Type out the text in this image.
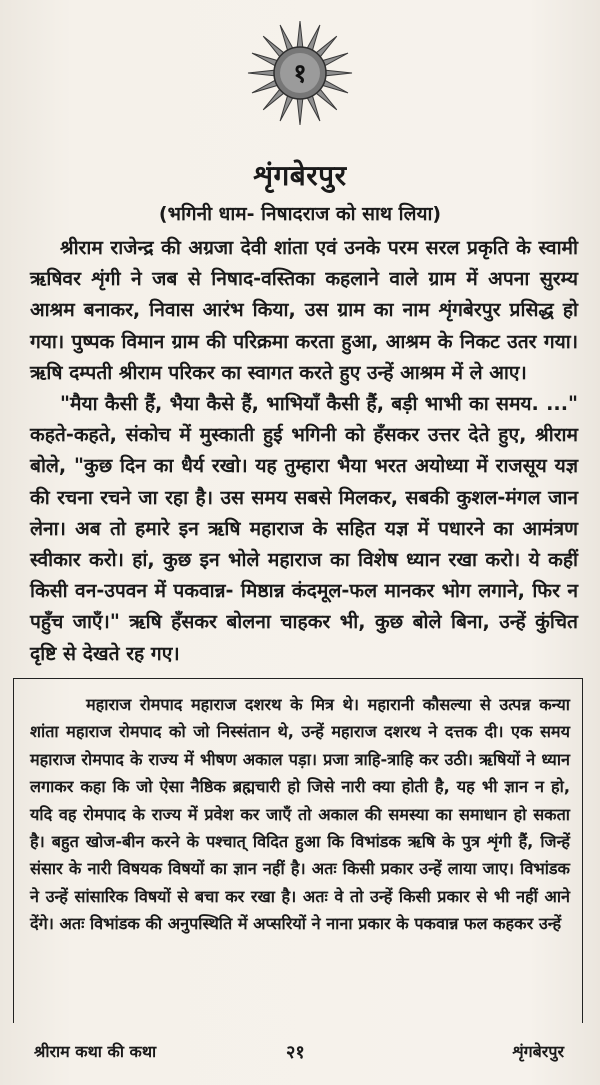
१
शृंगबेरपुर
(भगिनी धाम- निषादराज को साथ लिया)

श्रीराम राजेन्द्र की अग्रजा देवी शांता एवं उनके परम सरल प्रकृति के स्वामी ऋषिवर शृंगी ने जब से निषाद-वस्तिका कहलाने वाले ग्राम में अपना सुरम्य आश्रम बनाकर, निवास आरंभ किया, उस ग्राम का नाम शृंगबेरपुर प्रसिद्ध हो गया। पुष्पक विमान ग्राम की परिक्रमा करता हुआ, आश्रम के निकट उतर गया। ऋषि दम्पती श्रीराम परिकर का स्वागत करते हुए उन्हें आश्रम में ले आए।

"मैया कैसी हैं, भैया कैसे हैं, भाभियाँ कैसी हैं, बड़ी भाभी का समय. ..." कहते-कहते, संकोच में मुस्काती हुई भगिनी को हँसकर उत्तर देते हुए, श्रीराम बोले, "कुछ दिन का धैर्य रखो। यह तुम्हारा भैया भरत अयोध्या में राजसूय यज्ञ की रचना रचने जा रहा है। उस समय सबसे मिलकर, सबकी कुशल-मंगल जान लेना। अब तो हमारे इन ऋषि महाराज के सहित यज्ञ में पधारने का आमंत्रण स्वीकार करो। हां, कुछ इन भोले महाराज का विशेष ध्यान रखा करो। ये कहीं किसी वन-उपवन में पकवान्न- मिष्ठान्न कंदमूल-फल मानकर भोग लगाने, फिर न पहुँच जाएँ।" ऋषि हँसकर बोलना चाहकर भी, कुछ बोले बिना, उन्हें कुंचित दृष्टि से देखते रह गए।

महाराज रोमपाद महाराज दशरथ के मित्र थे। महारानी कौसल्या से उत्पन्न कन्या शांता महाराज रोमपाद को जो निस्संतान थे, उन्हें महाराज दशरथ ने दत्तक दी। एक समय महाराज रोमपाद के राज्य में भीषण अकाल पड़ा। प्रजा त्राहि-त्राहि कर उठी। ऋषियों ने ध्यान लगाकर कहा कि जो ऐसा नैष्ठिक ब्रह्मचारी हो जिसे नारी क्या होती है, यह भी ज्ञान न हो, यदि वह रोमपाद के राज्य में प्रवेश कर जाएँ तो अकाल की समस्या का समाधान हो सकता है। बहुत खोज-बीन करने के पश्चात् विदित हुआ कि विभांडक ऋषि के पुत्र शृंगी हैं, जिन्हें संसार के नारी विषयक विषयों का ज्ञान नहीं है। अतः किसी प्रकार उन्हें लाया जाए। विभांडक ने उन्हें सांसारिक विषयों से बचा कर रखा है। अतः वे तो उन्हें किसी प्रकार से भी नहीं आने देंगे। अतः विभांडक की अनुपस्थिति में अप्सरियों ने नाना प्रकार के पकवान्न फल कहकर उन्हें

श्रीराम कथा की कथा	२१	शृंगबेरपुर
